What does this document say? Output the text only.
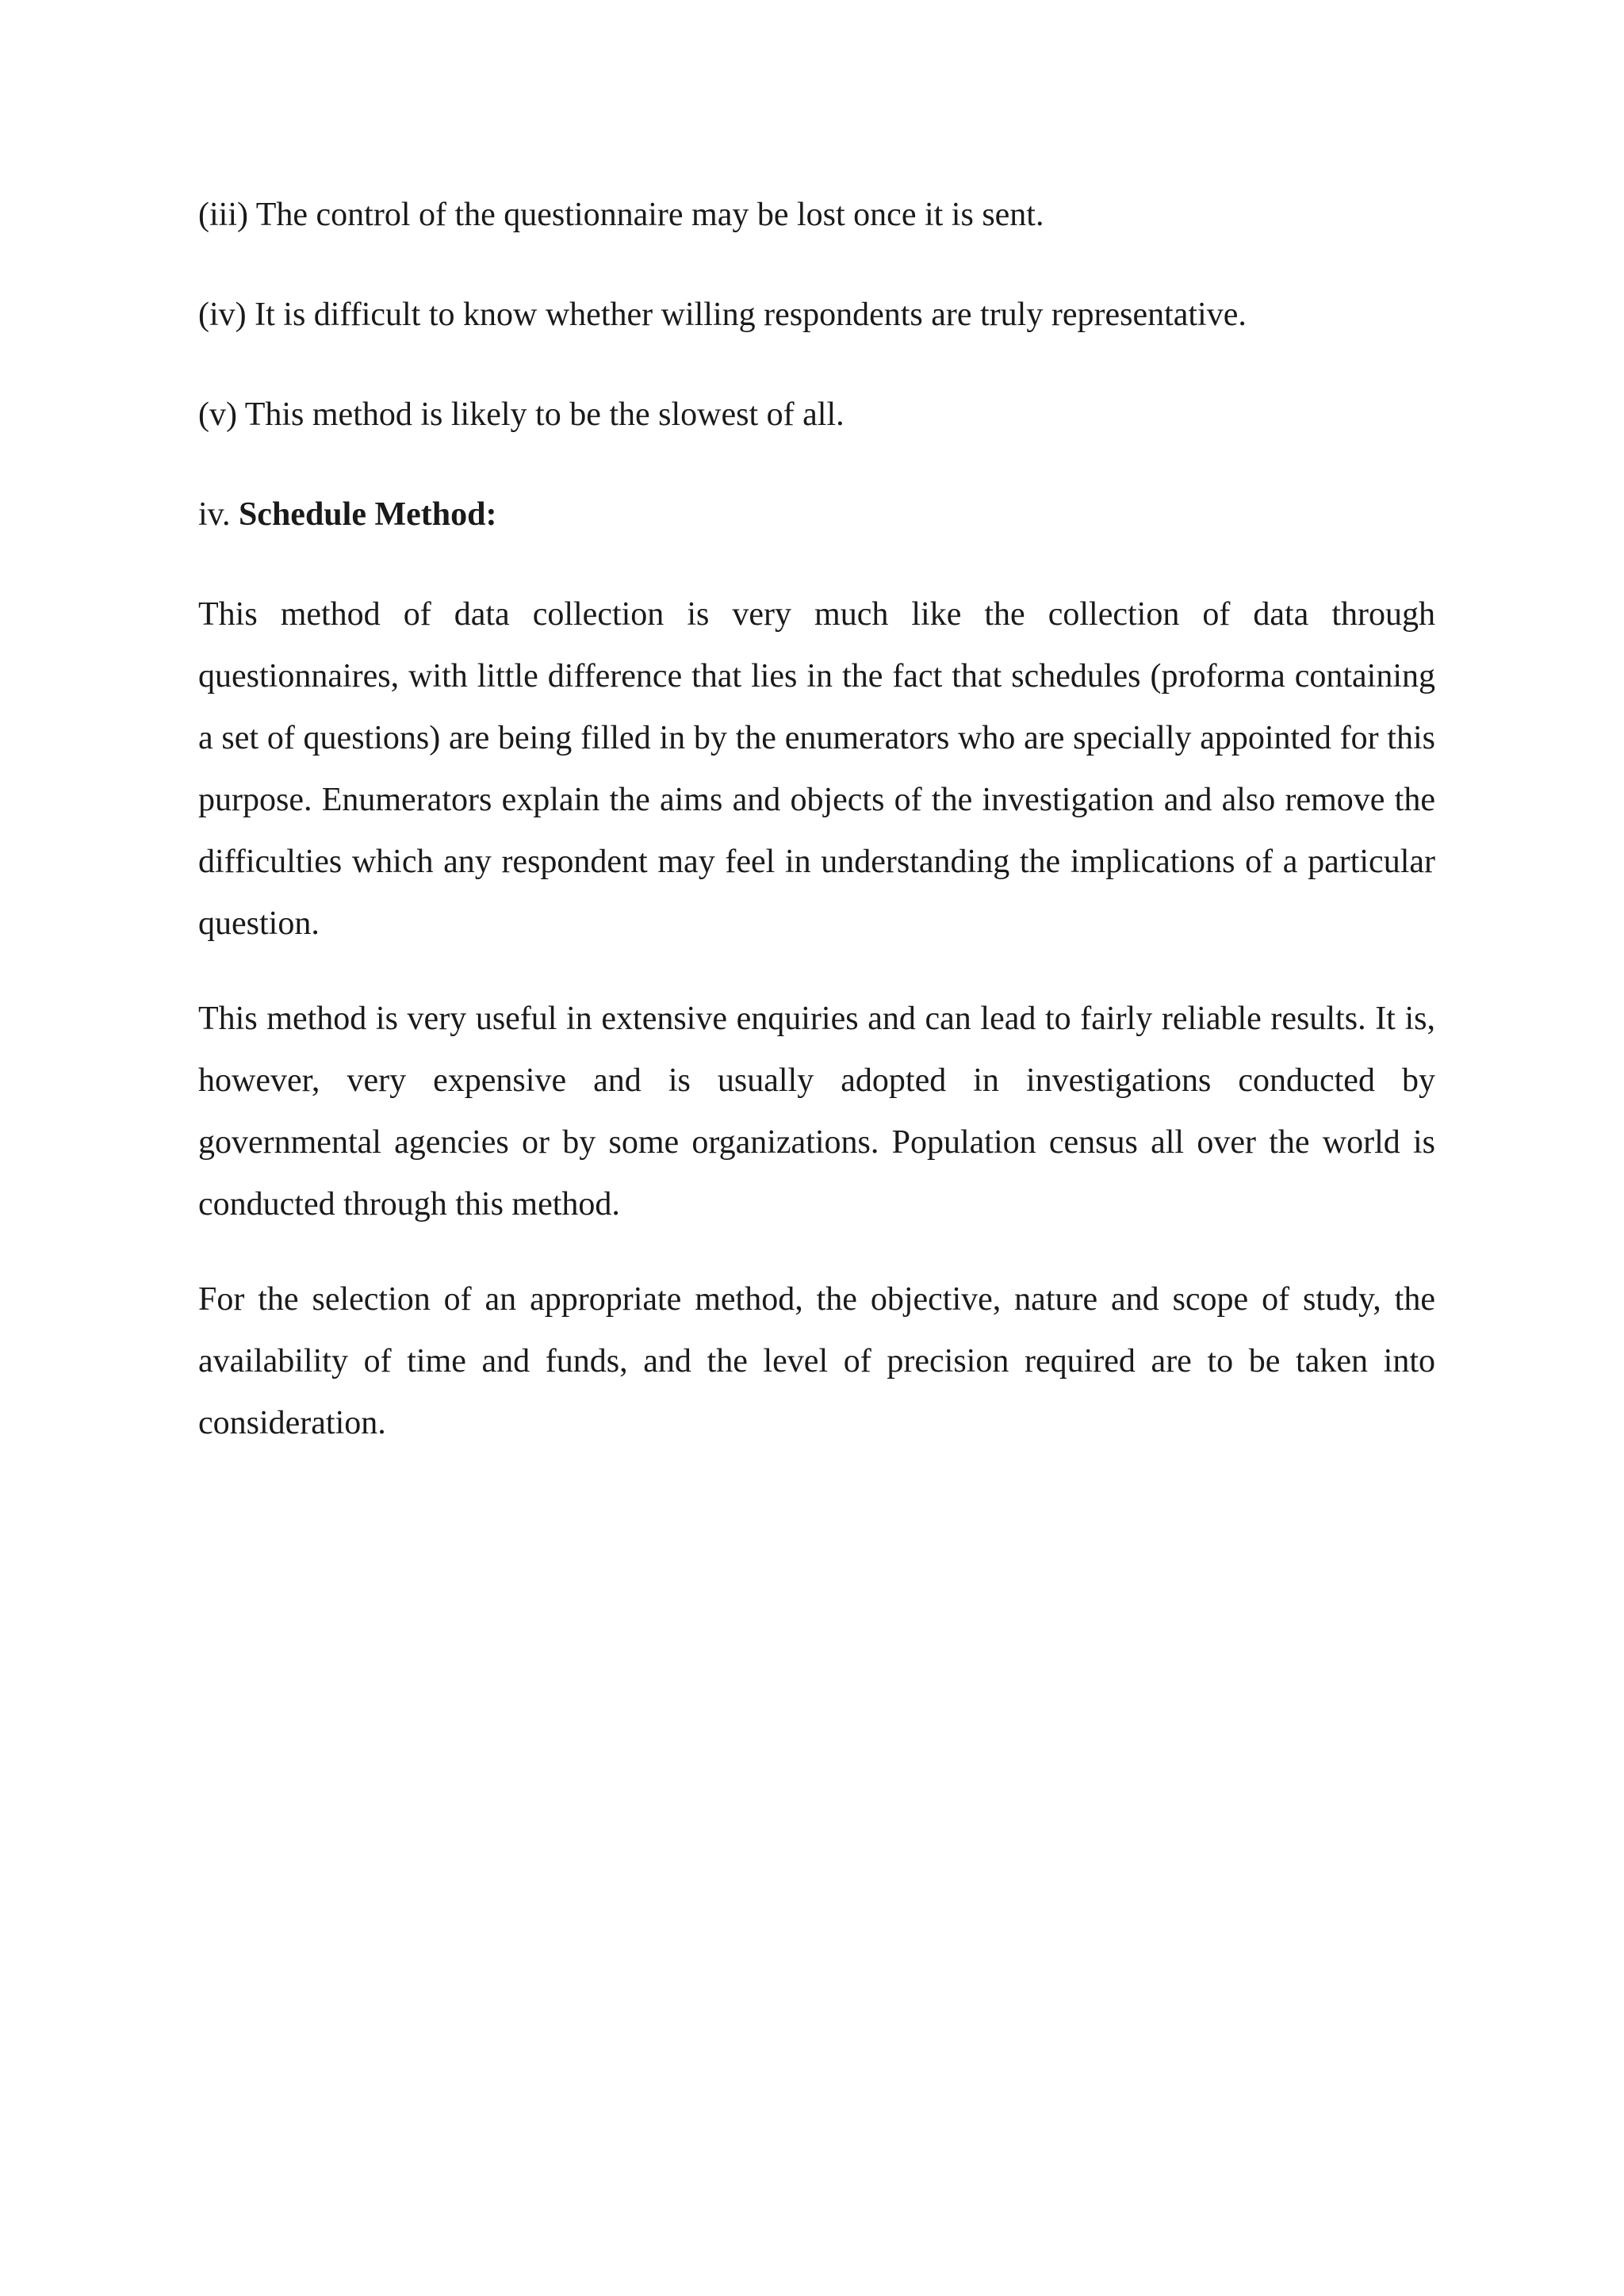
(iii) The control of the questionnaire may be lost once it is sent.

(iv) It is difficult to know whether willing respondents are truly representative.

(v) This method is likely to be the slowest of all.

iv. Schedule Method:

This method of data collection is very much like the collection of data through questionnaires, with little difference that lies in the fact that schedules (proforma containing a set of questions) are being filled in by the enumerators who are specially appointed for this purpose. Enumerators explain the aims and objects of the investigation and also remove the difficulties which any respondent may feel in understanding the implications of a particular question.

This method is very useful in extensive enquiries and can lead to fairly reliable results. It is, however, very expensive and is usually adopted in investigations conducted by governmental agencies or by some organizations. Population census all over the world is conducted through this method.

For the selection of an appropriate method, the objective, nature and scope of study, the availability of time and funds, and the level of precision required are to be taken into consideration.
